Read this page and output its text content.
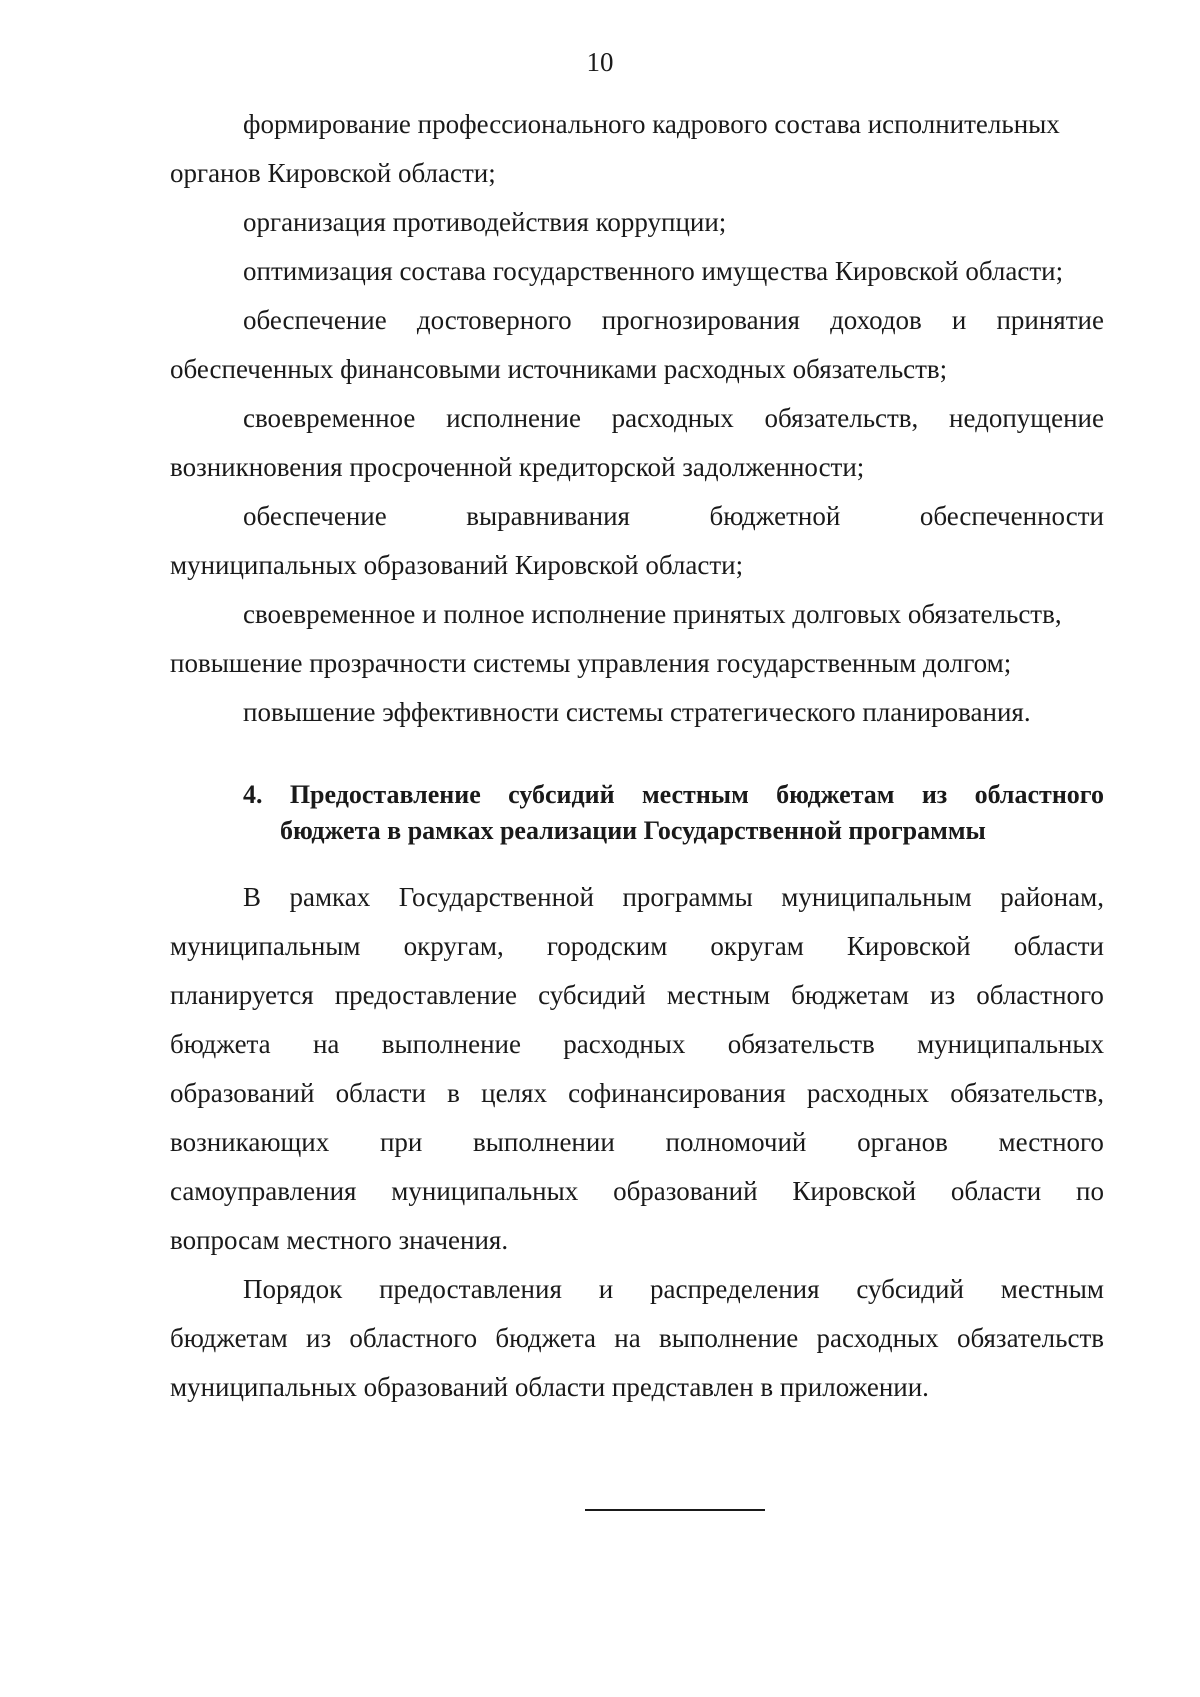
10
формирование профессионального кадрового состава исполнительных
органов Кировской области;
организация противодействия коррупции;
оптимизация состава государственного имущества Кировской области;
обеспечение достоверного прогнозирования доходов и принятие
обеспеченных финансовыми источниками расходных обязательств;
своевременное исполнение расходных обязательств, недопущение
возникновения просроченной кредиторской задолженности;
обеспечение	выравнивания	бюджетной	обеспеченности
муниципальных образований Кировской области;
своевременное и полное исполнение принятых долговых обязательств,
повышение прозрачности системы управления государственным долгом;
повышение эффективности системы стратегического планирования.
4. Предоставление субсидий местным бюджетам из областного
бюджета в рамках реализации Государственной программы
В рамках Государственной программы муниципальным районам,
муниципальным округам, городским округам Кировской области
планируется предоставление субсидий местным бюджетам из областного
бюджета на выполнение расходных обязательств муниципальных
образований области в целях софинансирования расходных обязательств,
возникающих при выполнении полномочий органов местного
самоуправления муниципальных образований Кировской области по
вопросам местного значения.
Порядок предоставления и распределения субсидий местным
бюджетам из областного бюджета на выполнение расходных обязательств
муниципальных образований области представлен в приложении.
